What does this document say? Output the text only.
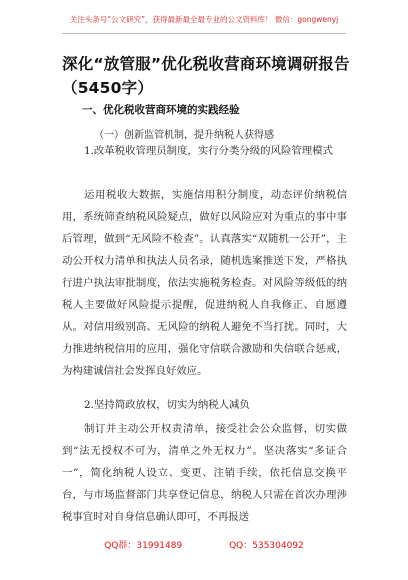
关注头条号“公文研究”，获得最新最全最专业的公文资料库！ 微信：gongwenyj
深化“放管服”优化税收营商环境调研报告（5450字）
一、优化税收营商环境的实践经验
（一）创新监管机制，提升纳税人获得感

1.改革税收管理员制度，实行分类分级的风险管理模式

运用税收大数据，实施信用积分制度，动态评价纳税信用，系统筛查纳税风险疑点，做好以风险应对为重点的事中事后管理，做到“无风险不检查”。认真落实“双随机一公开”，主动公开权力清单和执法人员名录，随机选案推送下发，严格执行进户执法审批制度，依法实施税务检查。对风险等级低的纳税人主要做好风险提示提醒，促进纳税人自我修正、自愿遵从。对信用级别高、无风险的纳税人避免不当打扰。同时，大力推进纳税信用的应用，强化守信联合激励和失信联合惩戒，为构建诚信社会发挥良好效应。

2.坚持简政放权，切实为纳税人减负

制订并主动公开权责清单，接受社会公众监督，切实做到“法无授权不可为，清单之外无权力”。坚决落实“多证合一”，简化纳税人设立、变更、注销手续，依托信息交换平台，与市场监督部门共享登记信息，纳税人只需在首次办理涉税事宜时对自身信息确认即可，不再报送

QQ群：31991489	QQ：535304092
